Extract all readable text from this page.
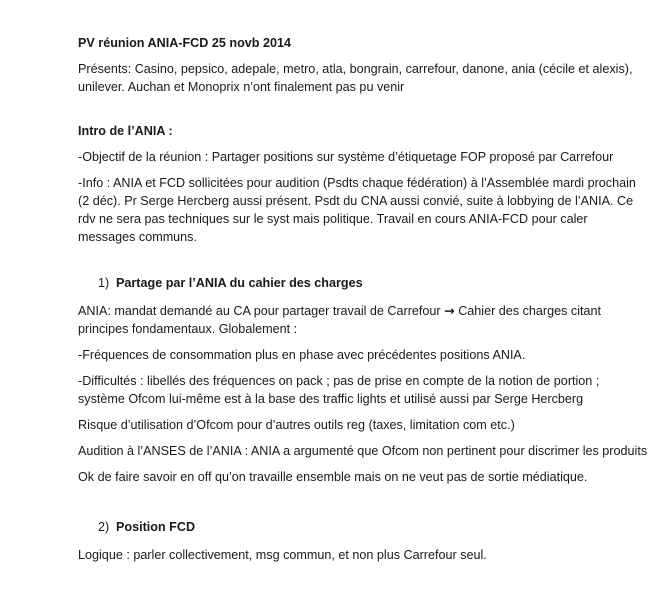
PV réunion ANIA-FCD 25 novb 2014

Présents: Casino, pepsico, adepale, metro, atla, bongrain, carrefour, danone, ania (cécile et alexis), unilever. Auchan et Monoprix n’ont finalement pas pu venir

Intro de l’ANIA :

-Objectif de la réunion : Partager positions sur système d’étiquetage FOP proposé par Carrefour

-Info : ANIA et FCD sollicitées pour audition (Psdts chaque fédération) à l’Assemblée mardi prochain (2 déc). Pr Serge Hercberg aussi présent. Psdt du CNA aussi convié, suite à lobbying de l’ANIA. Ce rdv ne sera pas techniques sur le syst mais politique. Travail en cours ANIA-FCD pour caler messages communs.

1) Partage par l’ANIA du cahier des charges

ANIA: mandat demandé au CA pour partager travail de Carrefour → Cahier des charges citant principes fondamentaux. Globalement :

-Fréquences de consommation plus en phase avec précédentes positions ANIA.

-Difficultés : libellés des fréquences on pack ; pas de prise en compte de la notion de portion ; système Ofcom lui-même est à la base des traffic lights et utilisé aussi par Serge Hercberg

Risque d’utilisation d’Ofcom pour d’autres outils reg (taxes, limitation com etc.)

Audition à l’ANSES de l’ANIA : ANIA a argumenté que Ofcom non pertinent pour discrimer les produits

Ok de faire savoir en off qu’on travaille ensemble mais on ne veut pas de sortie médiatique.

2) Position FCD

Logique : parler collectivement, msg commun, et non plus Carrefour seul.
